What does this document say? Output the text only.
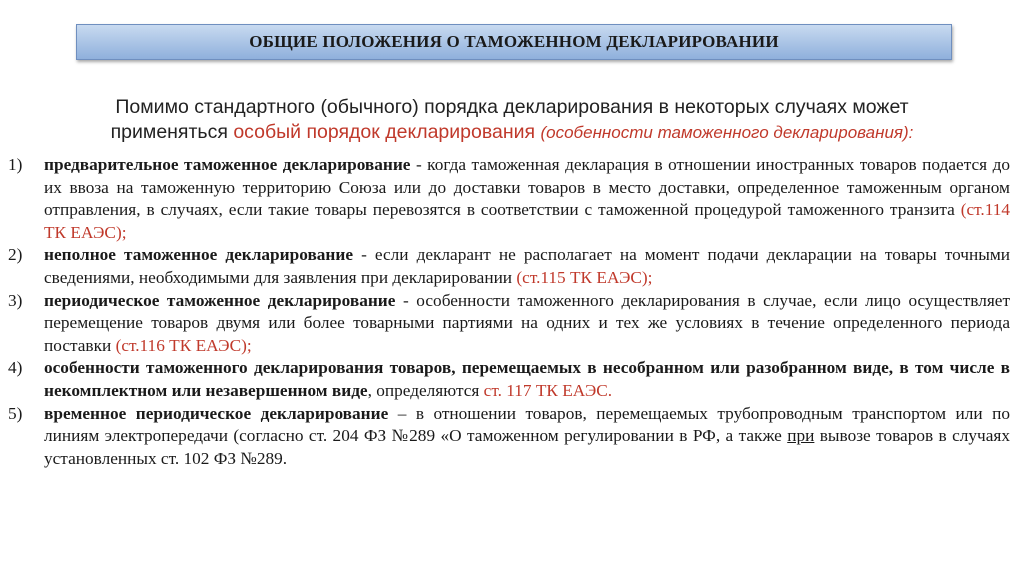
ОБЩИЕ ПОЛОЖЕНИЯ О ТАМОЖЕННОМ ДЕКЛАРИРОВАНИИ
Помимо стандартного (обычного) порядка декларирования в некоторых случаях может
применяться особый порядок декларирования (особенности таможенного декларирования):
1) предварительное таможенное декларирование - когда таможенная декларация в отношении иностранных товаров подается до их ввоза на таможенную территорию Союза или до доставки товаров в место доставки, определенное таможенным органом отправления, в случаях, если такие товары перевозятся в соответствии с таможенной процедурой таможенного транзита (ст.114 ТК ЕАЭС);
2) неполное таможенное декларирование - если декларант не располагает на момент подачи декларации на товары точными сведениями, необходимыми для заявления при декларировании (ст.115 ТК ЕАЭС);
3) периодическое таможенное декларирование - особенности таможенного декларирования в случае, если лицо осуществляет перемещение товаров двумя или более товарными партиями на одних и тех же условиях в течение определенного периода поставки (ст.116 ТК ЕАЭС);
4) особенности таможенного декларирования товаров, перемещаемых в несобранном или разобранном виде, в том числе в некомплектном или незавершенном виде, определяются ст. 117 ТК ЕАЭС.
5) временное периодическое декларирование – в отношении товаров, перемещаемых трубопроводным транспортом или по линиям электропередачи (согласно ст. 204 ФЗ №289 «О таможенном регулировании в РФ, а также при вывозе товаров в случаях установленных ст. 102 ФЗ №289.
